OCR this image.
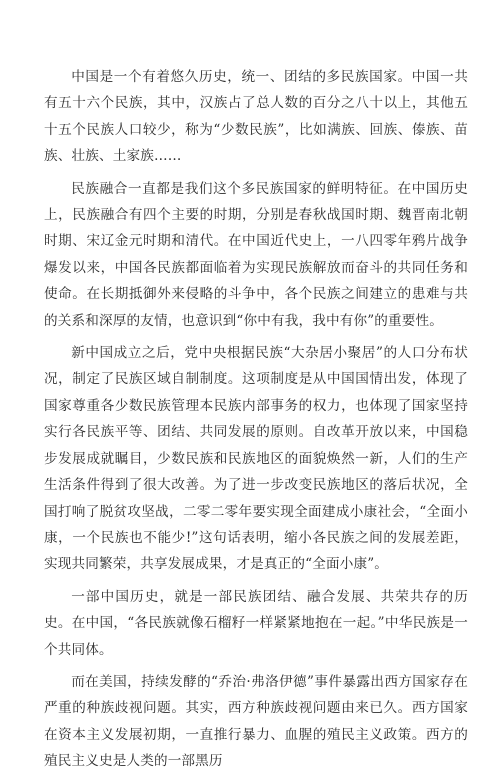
中国是一个有着悠久历史，统一、团结的多民族国家。中国一共有五十六个民族，其中，汉族占了总人数的百分之八十以上，其他五十五个民族人口较少，称为“少数民族”，比如满族、回族、傣族、苗族、壮族、土家族……

民族融合一直都是我们这个多民族国家的鲜明特征。在中国历史上，民族融合有四个主要的时期，分别是春秋战国时期、魏晋南北朝时期、宋辽金元时期和清代。在中国近代史上，一八四零年鸦片战争爆发以来，中国各民族都面临着为实现民族解放而奋斗的共同任务和使命。在长期抵御外来侵略的斗争中，各个民族之间建立的患难与共的关系和深厚的友情，也意识到“你中有我，我中有你”的重要性。

新中国成立之后，党中央根据民族“大杂居小聚居”的人口分布状况，制定了民族区域自制制度。这项制度是从中国国情出发，体现了国家尊重各少数民族管理本民族内部事务的权力，也体现了国家坚持实行各民族平等、团结、共同发展的原则。自改革开放以来，中国稳步发展成就瞩目，少数民族和民族地区的面貌焕然一新，人们的生产生活条件得到了很大改善。为了进一步改变民族地区的落后状况，全国打响了脱贫攻坚战，二零二零年要实现全面建成小康社会，“全面小康，一个民族也不能少!”这句话表明，缩小各民族之间的发展差距，实现共同繁荣，共享发展成果，才是真正的“全面小康”。

一部中国历史，就是一部民族团结、融合发展、共荣共存的历史。在中国，“各民族就像石榴籽一样紧紧地抱在一起。”中华民族是一个共同体。

而在美国，持续发酵的“乔治·弗洛伊德”事件暴露出西方国家存在严重的种族歧视问题。其实，西方种族歧视问题由来已久。西方国家在资本主义发展初期，一直推行暴力、血腥的殖民主义政策。西方的殖民主义史是人类的一部黑历
